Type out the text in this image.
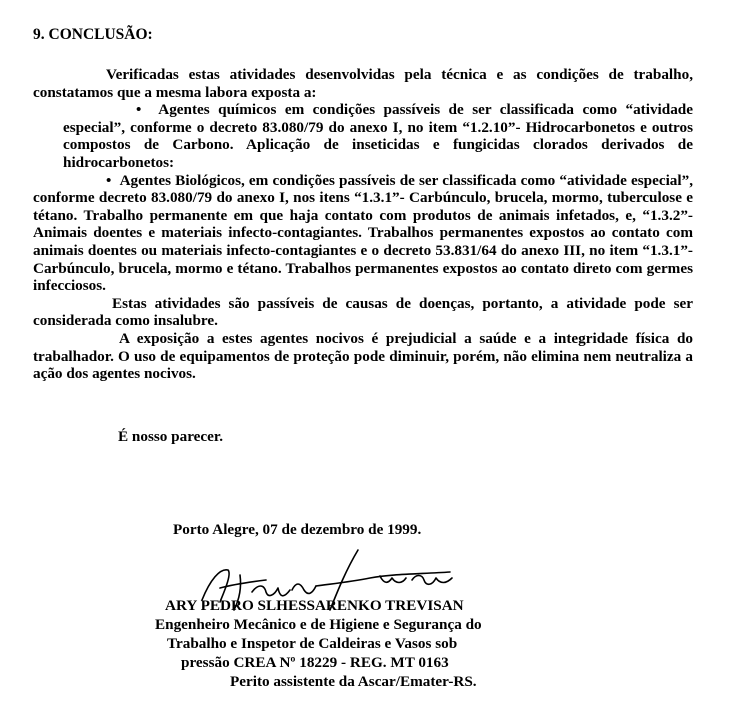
9. CONCLUSÃO:

Verificadas estas atividades desenvolvidas pela técnica e as condições de trabalho, constatamos que a mesma labora exposta a:

• Agentes químicos em condições passíveis de ser classificada como “atividade especial”, conforme o decreto 83.080/79 do anexo I, no item “1.2.10”- Hidrocarbonetos e outros compostos de Carbono. Aplicação de inseticidas e fungicidas clorados derivados de hidrocarbonetos:

• Agentes Biológicos, em condições passíveis de ser classificada como “atividade especial”, conforme decreto 83.080/79 do anexo I, nos itens “1.3.1”- Carbúnculo, brucela, mormo, tuberculose e tétano. Trabalho permanente em que haja contato com produtos de animais infetados, e, “1.3.2”- Animais doentes e materiais infecto-contagiantes. Trabalhos permanentes expostos ao contato com animais doentes ou materiais infecto-contagiantes e o decreto 53.831/64 do anexo III, no item “1.3.1”- Carbúnculo, brucela, mormo e tétano. Trabalhos permanentes expostos ao contato direto com germes infecciosos.

Estas atividades são passíveis de causas de doenças, portanto, a atividade pode ser considerada como insalubre.

A exposição a estes agentes nocivos é prejudicial a saúde e a integridade física do trabalhador. O uso de equipamentos de proteção pode diminuir, porém, não elimina nem neutraliza a ação dos agentes nocivos.

É nosso parecer.

Porto Alegre, 07 de dezembro de 1999.

ARY PEDRO SLHESSARENKO TREVISAN
Engenheiro Mecânico e de Higiene e Segurança do
Trabalho e Inspetor de Caldeiras e Vasos sob
pressão CREA Nº 18229 - REG. MT 0163
Perito assistente da Ascar/Emater-RS.
